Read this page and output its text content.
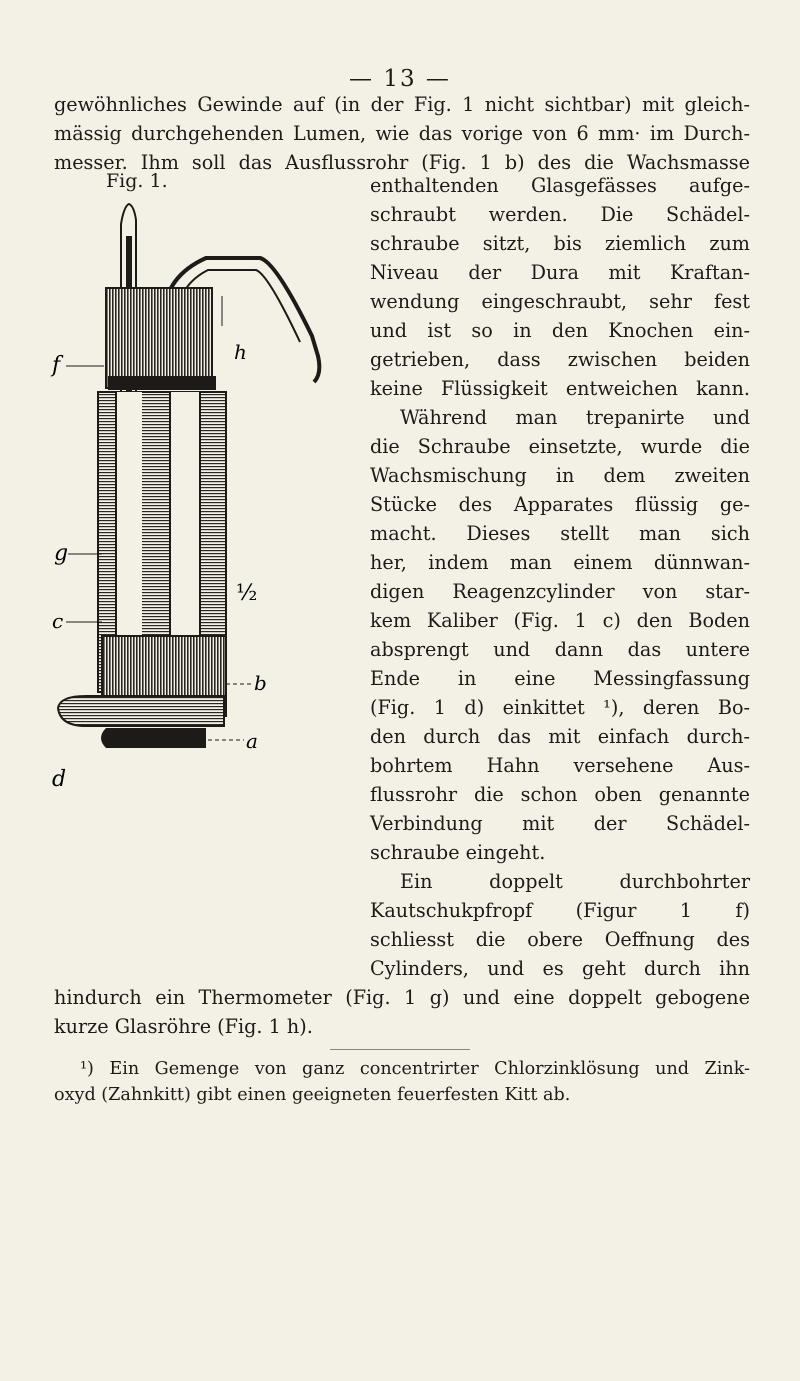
— 13 —
gewöhnliches Gewinde auf (in der Fig. 1 nicht sichtbar) mit gleich-
mässig durchgehenden Lumen, wie das vorige von 6 mm· im Durch-
messer. Ihm soll das Ausflussrohr (Fig. 1 b) des die Wachsmasse
Fig. 1.
f
g
c
d
h
½
b
a
enthaltenden Glasgefässes aufge-
schraubt werden. Die Schädel-
schraube sitzt, bis ziemlich zum
Niveau der Dura mit Kraftan-
wendung eingeschraubt, sehr fest
und ist so in den Knochen ein-
getrieben, dass zwischen beiden
keine Flüssigkeit entweichen kann.
Während man trepanirte und
die Schraube einsetzte, wurde die
Wachsmischung in dem zweiten
Stücke des Apparates flüssig ge-
macht. Dieses stellt man sich
her, indem man einem dünnwan-
digen Reagenzcylinder von star-
kem Kaliber (Fig. 1 c) den Boden
absprengt und dann das untere
Ende in eine Messingfassung
(Fig. 1 d) einkittet ¹), deren Bo-
den durch das mit einfach durch-
bohrtem Hahn versehene Aus-
flussrohr die schon oben genannte
Verbindung mit der Schädel-
schraube eingeht.
Ein doppelt durchbohrter
Kautschukpfropf (Figur 1 f)
schliesst die obere Oeffnung des
Cylinders, und es geht durch ihn
hindurch ein Thermometer (Fig. 1 g) und eine doppelt gebogene
kurze Glasröhre (Fig. 1 h).
¹) Ein Gemenge von ganz concentrirter Chlorzinklösung und Zink-
oxyd (Zahnkitt) gibt einen geeigneten feuerfesten Kitt ab.
